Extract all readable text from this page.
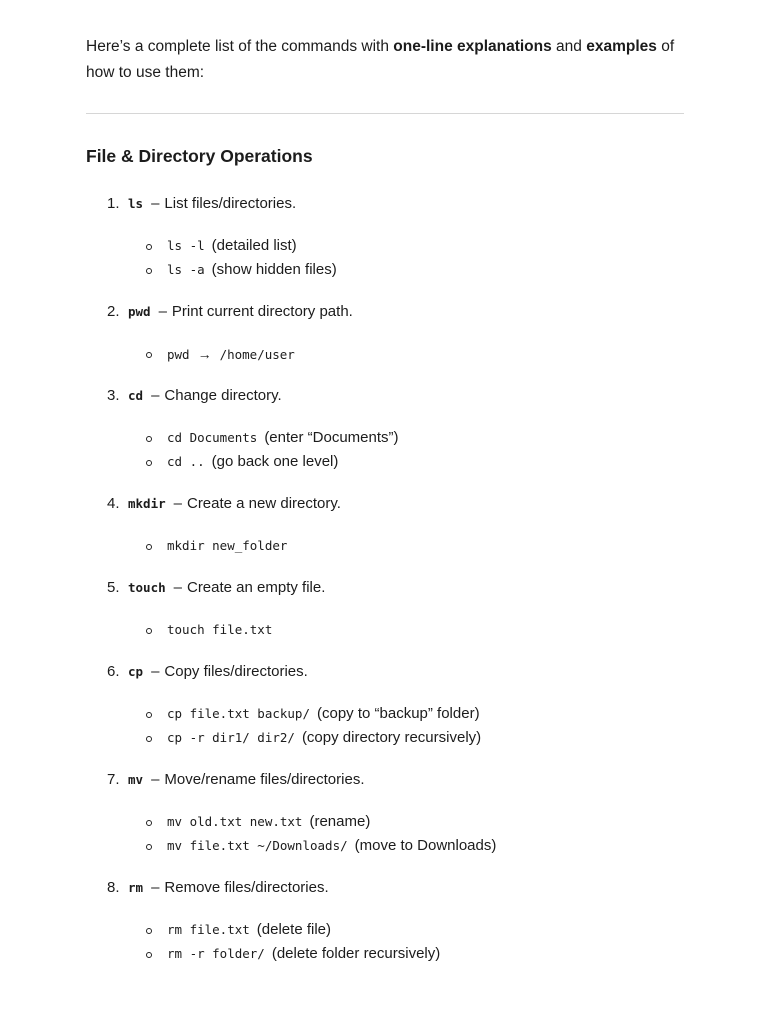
Here’s a complete list of the commands with one-line explanations and examples of how to use them:

File & Directory Operations
1. ls – List files/directories.
ls -l (detailed list)
ls -a (show hidden files)
2. pwd – Print current directory path.
pwd → /home/user
3. cd – Change directory.
cd Documents (enter “Documents”)
cd .. (go back one level)
4. mkdir – Create a new directory.
mkdir new_folder
5. touch – Create an empty file.
touch file.txt
6. cp – Copy files/directories.
cp file.txt backup/ (copy to “backup” folder)
cp -r dir1/ dir2/ (copy directory recursively)
7. mv – Move/rename files/directories.
mv old.txt new.txt (rename)
mv file.txt ~/Downloads/ (move to Downloads)
8. rm – Remove files/directories.
rm file.txt (delete file)
rm -r folder/ (delete folder recursively)
